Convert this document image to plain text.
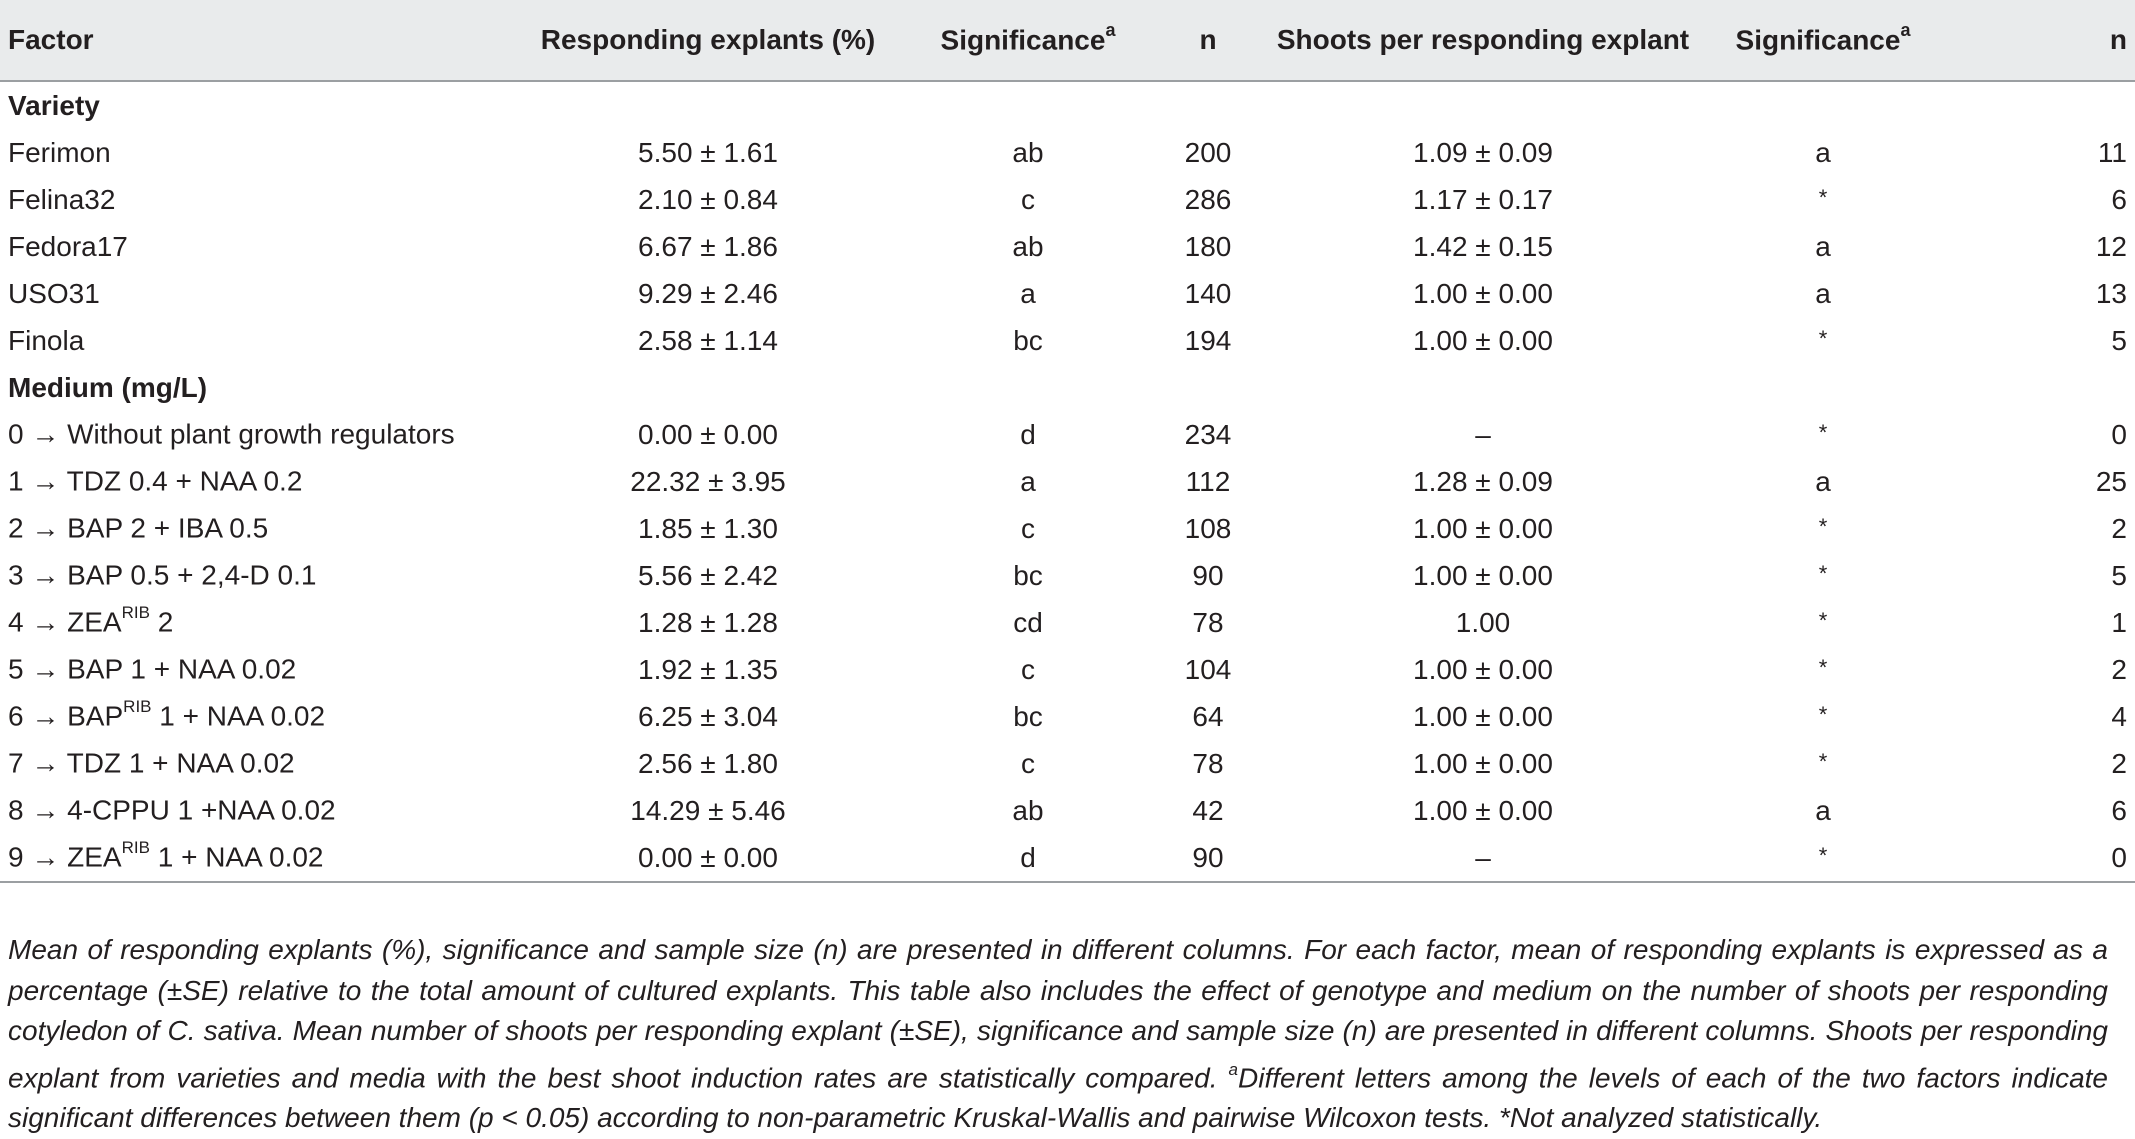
Factor	Responding explants (%)	Significance$^a$	n	Shoots per responding explant	Significance$^a$	n
Variety						
Ferimon	5.50 ± 1.61	ab	200	1.09 ± 0.09	a	11
Felina32	2.10 ± 0.84	c	286	1.17 ± 0.17	*	6
Fedora17	6.67 ± 1.86	ab	180	1.42 ± 0.15	a	12
USO31	9.29 ± 2.46	a	140	1.00 ± 0.00	a	13
Finola	2.58 ± 1.14	bc	194	1.00 ± 0.00	*	5
Medium (mg/L)						
0 → Without plant growth regulators	0.00 ± 0.00	d	234	–	*	0
1 → TDZ 0.4 + NAA 0.2	22.32 ± 3.95	a	112	1.28 ± 0.09	a	25
2 → BAP 2 + IBA 0.5	1.85 ± 1.30	c	108	1.00 ± 0.00	*	2
3 → BAP 0.5 + 2,4-D 0.1	5.56 ± 2.42	bc	90	1.00 ± 0.00	*	5
$4 \to ZEA^{RIB}$ 2	1.28 ± 1.28	cd	78	1.00	*	1
5 → BAP 1 + NAA 0.02	1.92 ± 1.35	c	104	1.00 ± 0.00	*	2
$6 \to BAP^{RIB}$ 1 + NAA 0.02	6.25 ± 3.04	bc	64	1.00 ± 0.00	*	4
7 → TDZ 1 + NAA 0.02	2.56 ± 1.80	c	78	1.00 ± 0.00	*	2
8 → 4-CPPU 1 +NAA 0.02	14.29 ± 5.46	ab	42	1.00 ± 0.00	a	6
$9 \to ZEA^{RIB}$ 1 + NAA 0.02	0.00 ± 0.00	d	90	–	*	0

Mean of responding explants (%), significance and sample size (n) are presented in different columns. For each factor, mean of responding explants is expressed as a percentage (±SE) relative to the total amount of cultured explants. This table also includes the effect of genotype and medium on the number of shoots per responding cotyledon of C. sativa. Mean number of shoots per responding explant (±SE), significance and sample size (n) are presented in different columns. Shoots per responding explant from varieties and media with the best shoot induction rates are statistically compared. $^a$Different letters among the levels of each of the two factors indicate significant differences between them (p < 0.05) according to non-parametric Kruskal-Wallis and pairwise Wilcoxon tests. *Not analyzed statistically.
